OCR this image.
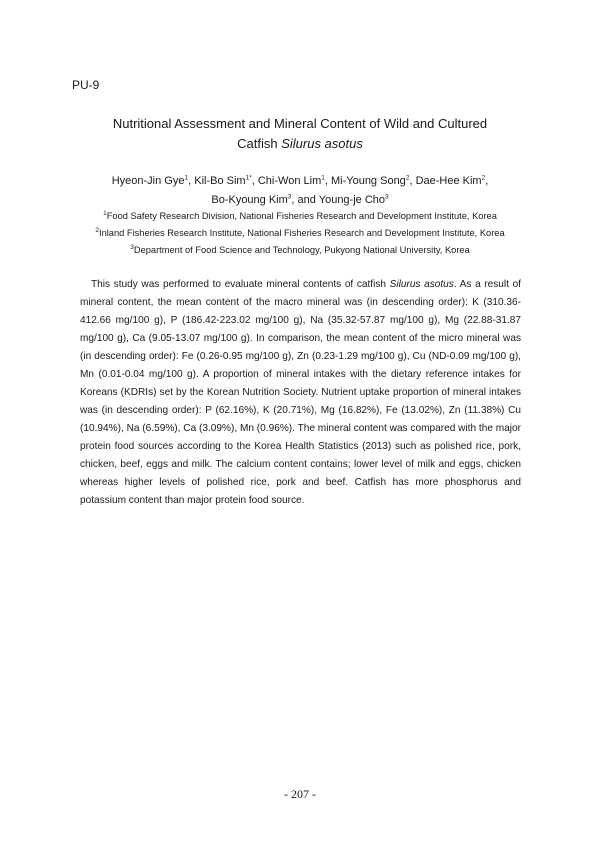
PU-9
Nutritional Assessment and Mineral Content of Wild and Cultured
Catfish Silurus asotus
Hyeon-Jin Gye$^1$, Kil-Bo Sim$^{1*}$, Chi-Won Lim$^1$, Mi-Young Song$^2$, Dae-Hee Kim$^2$,
Bo-Kyoung Kim$^3$, and Young-je Cho$^3$
$^1$Food Safety Research Division, National Fisheries Research and Development Institute, Korea
$^2$Inland Fisheries Research Institute, National Fisheries Research and Development Institute, Korea
$^3$Department of Food Science and Technology, Pukyong National University, Korea
This study was performed to evaluate mineral contents of catfish Silurus asotus. As a result of mineral content, the mean content of the macro mineral was (in descending order): K (310.36-412.66 mg/100 g), P (186.42-223.02 mg/100 g), Na (35.32-57.87 mg/100 g), Mg (22.88-31.87 mg/100 g), Ca (9.05-13.07 mg/100 g). In comparison, the mean content of the micro mineral was (in descending order): Fe (0.26-0.95 mg/100 g), Zn (0.23-1.29 mg/100 g), Cu (ND-0.09 mg/100 g), Mn (0.01-0.04 mg/100 g). A proportion of mineral intakes with the dietary reference intakes for Koreans (KDRIs) set by the Korean Nutrition Society. Nutrient uptake proportion of mineral intakes was (in descending order): P (62.16%), K (20.71%), Mg (16.82%), Fe (13.02%), Zn (11.38%) Cu (10.94%), Na (6.59%), Ca (3.09%), Mn (0.96%). The mineral content was compared with the major protein food sources according to the Korea Health Statistics (2013) such as polished rice, pork, chicken, beef, eggs and milk. The calcium content contains; lower level of milk and eggs, chicken whereas higher levels of polished rice, pork and beef. Catfish has more phosphorus and potassium content than major protein food source.
- 207 -
